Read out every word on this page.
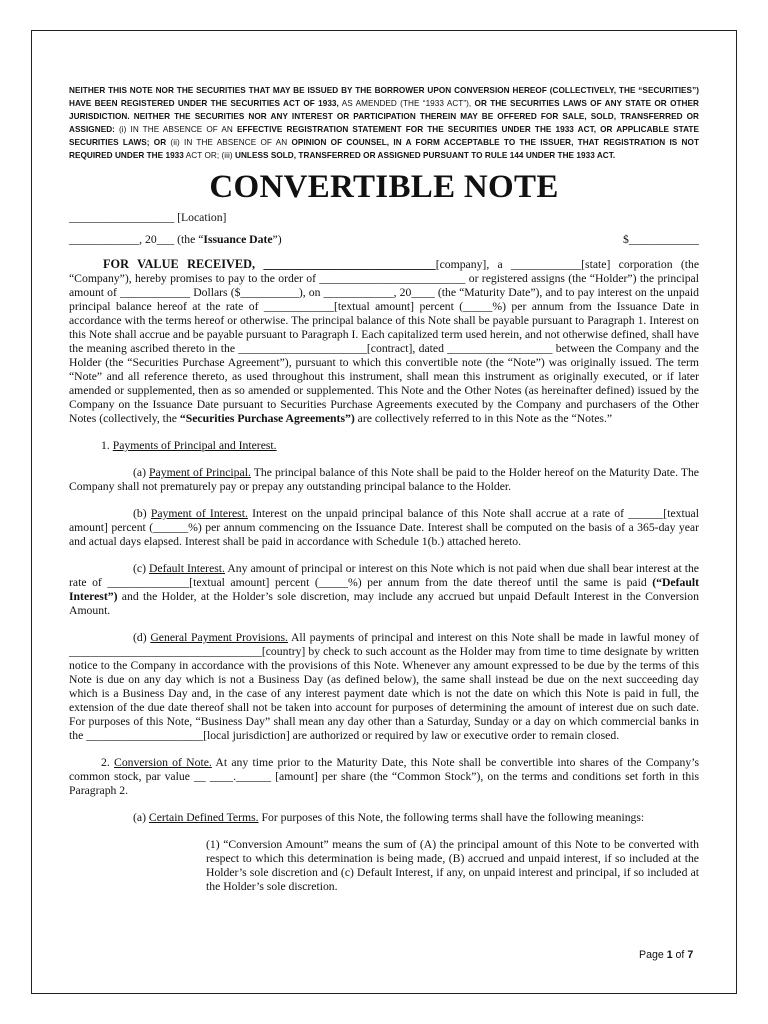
NEITHER THIS NOTE NOR THE SECURITIES THAT MAY BE ISSUED BY THE BORROWER UPON CONVERSION HEREOF (COLLECTIVELY, THE “SECURITIES”) HAVE BEEN REGISTERED UNDER THE SECURITIES ACT OF 1933, AS AMENDED (THE “1933 ACT”), OR THE SECURITIES LAWS OF ANY STATE OR OTHER JURISDICTION. NEITHER THE SECURITIES NOR ANY INTEREST OR PARTICIPATION THEREIN MAY BE OFFERED FOR SALE, SOLD, TRANSFERRED OR ASSIGNED: (i) IN THE ABSENCE OF AN EFFECTIVE REGISTRATION STATEMENT FOR THE SECURITIES UNDER THE 1933 ACT, OR APPLICABLE STATE SECURITIES LAWS; OR (ii) IN THE ABSENCE OF AN OPINION OF COUNSEL, IN A FORM ACCEPTABLE TO THE ISSUER, THAT REGISTRATION IS NOT REQUIRED UNDER THE 1933 ACT OR; (iii) UNLESS SOLD, TRANSFERRED OR ASSIGNED PURSUANT TO RULE 144 UNDER THE 1933 ACT.

CONVERTIBLE NOTE
__________________ [Location]
____________, 20___ (the “Issuance Date”)	$____________

FOR VALUE RECEIVED, ____________________________[company], a ____________[state] corporation (the “Company”), hereby promises to pay to the order of _________________________ or registered assigns (the “Holder”) the principal amount of ____________ Dollars ($__________), on ____________, 20____ (the “Maturity Date”), and to pay interest on the unpaid principal balance hereof at the rate of ____________[textual amount] percent (_____%) per annum from the Issuance Date in accordance with the terms hereof or otherwise. The principal balance of this Note shall be payable pursuant to Paragraph 1. Interest on this Note shall accrue and be payable pursuant to Paragraph I. Each capitalized term used herein, and not otherwise defined, shall have the meaning ascribed thereto in the ______________________[contract], dated __________________ between the Company and the Holder (the “Securities Purchase Agreement”), pursuant to which this convertible note (the “Note”) was originally issued. The term “Note” and all reference thereto, as used throughout this instrument, shall mean this instrument as originally executed, or if later amended or supplemented, then as so amended or supplemented. This Note and the Other Notes (as hereinafter defined) issued by the Company on the Issuance Date pursuant to Securities Purchase Agreements executed by the Company and purchasers of the Other Notes (collectively, the “Securities Purchase Agreements”) are collectively referred to in this Note as the “Notes.”

1. Payments of Principal and Interest.

(a) Payment of Principal. The principal balance of this Note shall be paid to the Holder hereof on the Maturity Date. The Company shall not prematurely pay or prepay any outstanding principal balance to the Holder.

(b) Payment of Interest. Interest on the unpaid principal balance of this Note shall accrue at a rate of ______[textual amount] percent (______%) per annum commencing on the Issuance Date. Interest shall be computed on the basis of a 365-day year and actual days elapsed. Interest shall be paid in accordance with Schedule 1(b.) attached hereto.

(c) Default Interest. Any amount of principal or interest on this Note which is not paid when due shall bear interest at the rate of ______________[textual amount] percent (_____%) per annum from the date thereof until the same is paid (“Default Interest”) and the Holder, at the Holder’s sole discretion, may include any accrued but unpaid Default Interest in the Conversion Amount.

(d) General Payment Provisions. All payments of principal and interest on this Note shall be made in lawful money of _________________________________[country] by check to such account as the Holder may from time to time designate by written notice to the Company in accordance with the provisions of this Note. Whenever any amount expressed to be due by the terms of this Note is due on any day which is not a Business Day (as defined below), the same shall instead be due on the next succeeding day which is a Business Day and, in the case of any interest payment date which is not the date on which this Note is paid in full, the extension of the due date thereof shall not be taken into account for purposes of determining the amount of interest due on such date. For purposes of this Note, “Business Day” shall mean any day other than a Saturday, Sunday or a day on which commercial banks in the ____________________[local jurisdiction] are authorized or required by law or executive order to remain closed.

2. Conversion of Note. At any time prior to the Maturity Date, this Note shall be convertible into shares of the Company’s common stock, par value __ ____.______ [amount] per share (the “Common Stock”), on the terms and conditions set forth in this Paragraph 2.

(a) Certain Defined Terms. For purposes of this Note, the following terms shall have the following meanings:

(1) “Conversion Amount” means the sum of (A) the principal amount of this Note to be converted with respect to which this determination is being made, (B) accrued and unpaid interest, if so included at the Holder’s sole discretion and (c) Default Interest, if any, on unpaid interest and principal, if so included at the Holder’s sole discretion.

Page 1 of 7
